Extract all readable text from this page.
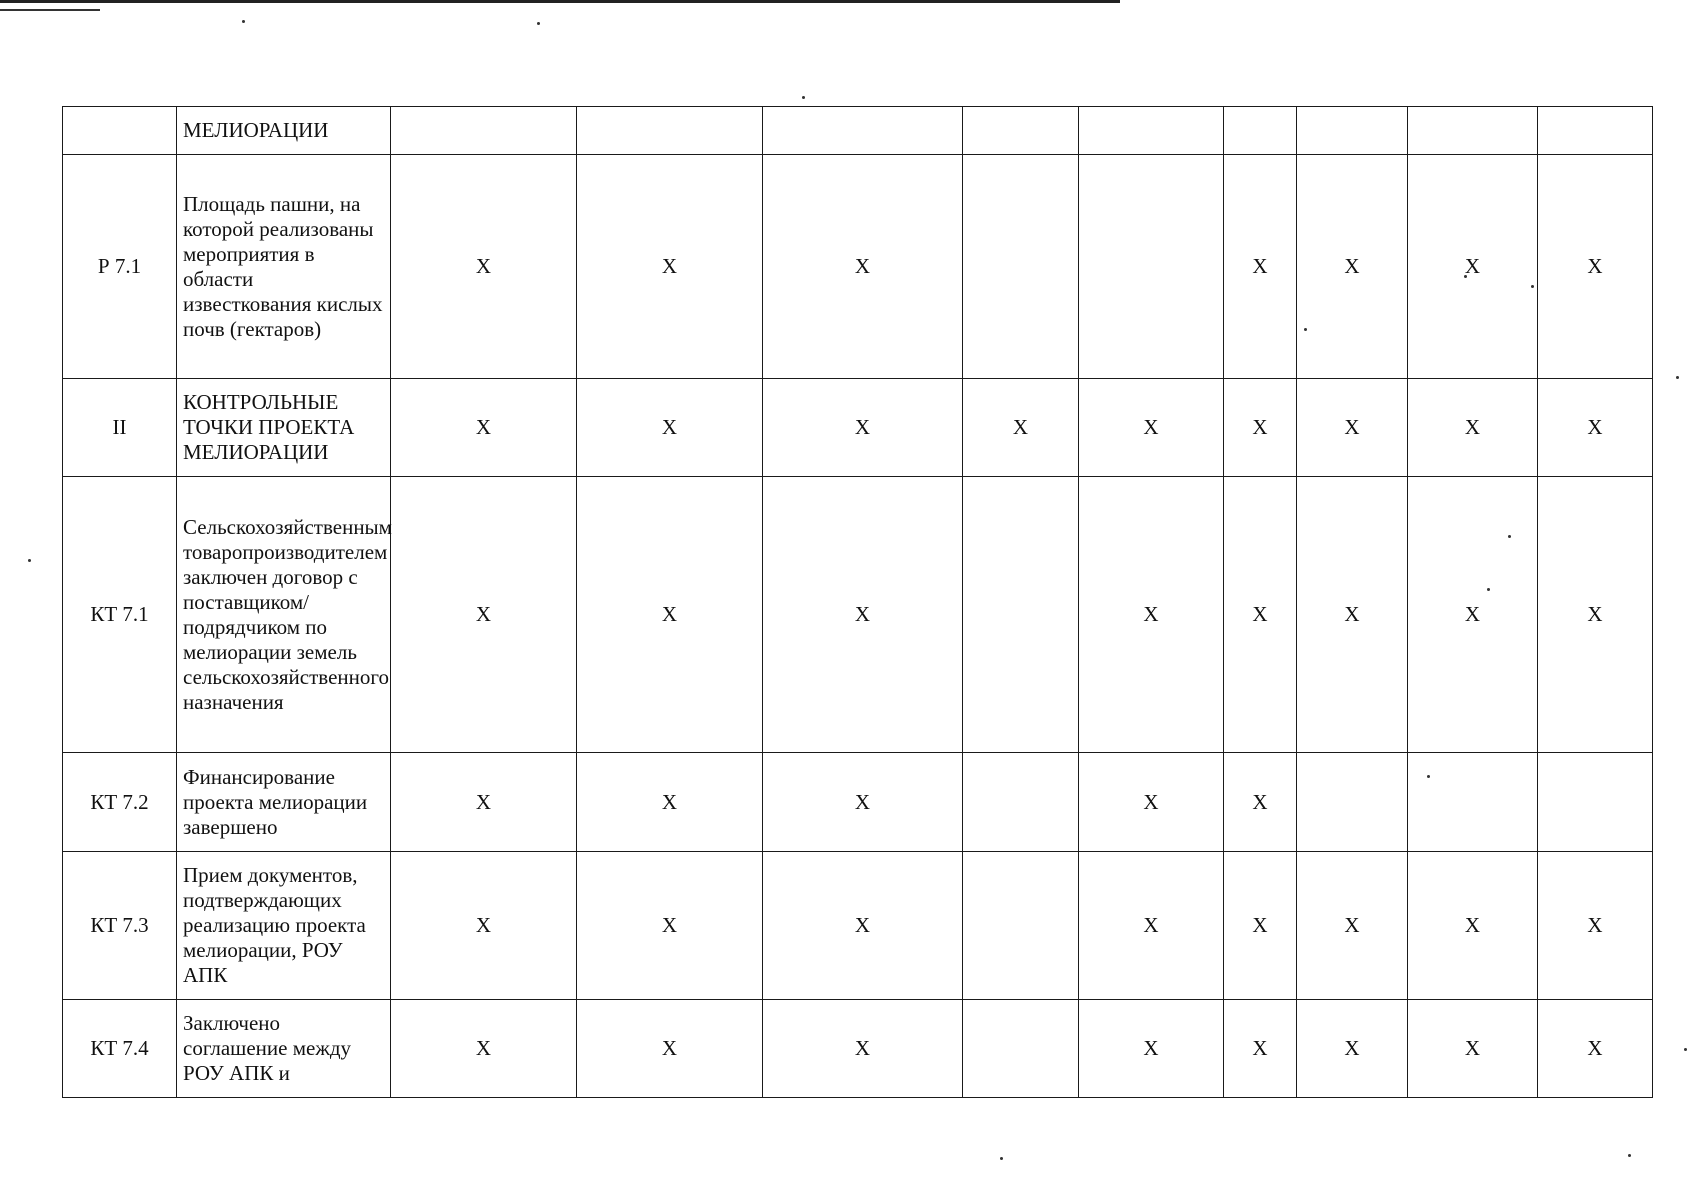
	МЕЛИОРАЦИИ									
Р 7.1	Площадь пашни, на которой реализованы мероприятия в области известкования кислых почв (гектаров)	X	X	X			X	X	X	X
II	КОНТРОЛЬНЫЕ ТОЧКИ ПРОЕКТА МЕЛИОРАЦИИ	X	X	X	X	X	X	X	X	X
КТ 7.1	Сельскохозяйственным товаропроизводителем заключен договор с поставщиком/подрядчиком по мелиорации земель сельскохозяйственного назначения	X	X	X		X	X	X	X	X
КТ 7.2	Финансирование проекта мелиорации завершено	X	X	X		X	X			
КТ 7.3	Прием документов, подтверждающих реализацию проекта мелиорации, РОУ АПК	X	X	X		X	X	X	X	X
КТ 7.4	Заключено соглашение между РОУ АПК и	X	X	X		X	X	X	X	X
